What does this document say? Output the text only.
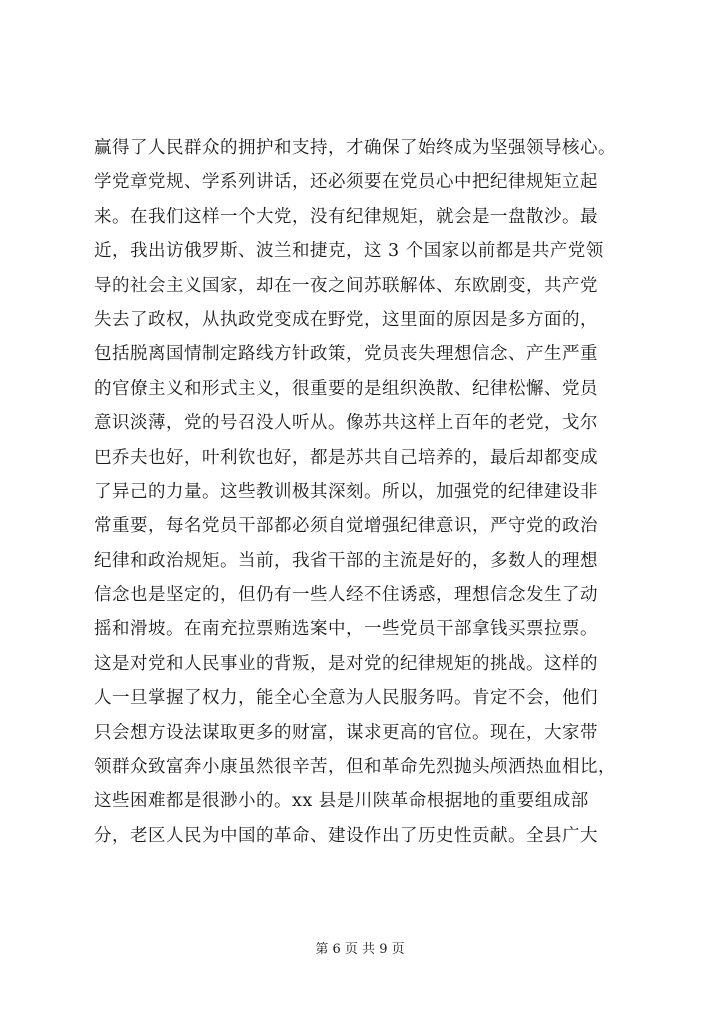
赢得了人民群众的拥护和支持，才确保了始终成为坚强领导核心。
学党章党规、学系列讲话，还必须要在党员心中把纪律规矩立起
来。在我们这样一个大党，没有纪律规矩，就会是一盘散沙。最
近，我出访俄罗斯、波兰和捷克，这 3 个国家以前都是共产党领
导的社会主义国家，却在一夜之间苏联解体、东欧剧变，共产党
失去了政权，从执政党变成在野党，这里面的原因是多方面的，
包括脱离国情制定路线方针政策，党员丧失理想信念、产生严重
的官僚主义和形式主义，很重要的是组织涣散、纪律松懈、党员
意识淡薄，党的号召没人听从。像苏共这样上百年的老党，戈尔
巴乔夫也好，叶利钦也好，都是苏共自己培养的，最后却都变成
了异己的力量。这些教训极其深刻。所以，加强党的纪律建设非
常重要，每名党员干部都必须自觉增强纪律意识，严守党的政治
纪律和政治规矩。当前，我省干部的主流是好的，多数人的理想
信念也是坚定的，但仍有一些人经不住诱惑，理想信念发生了动
摇和滑坡。在南充拉票贿选案中，一些党员干部拿钱买票拉票。
这是对党和人民事业的背叛，是对党的纪律规矩的挑战。这样的
人一旦掌握了权力，能全心全意为人民服务吗。肯定不会，他们
只会想方设法谋取更多的财富，谋求更高的官位。现在，大家带
领群众致富奔小康虽然很辛苦，但和革命先烈抛头颅洒热血相比，
这些困难都是很渺小的。xx 县是川陕革命根据地的重要组成部
分，老区人民为中国的革命、建设作出了历史性贡献。全县广大
第 6 页 共 9 页
